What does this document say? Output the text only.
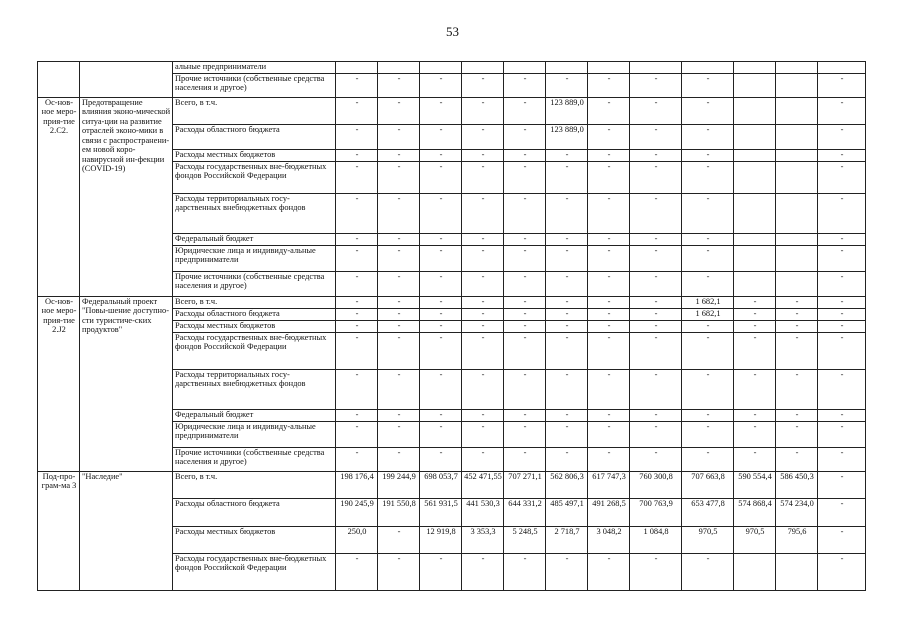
53
		альные предприниматели												
		Прочие источники (собственные средства населения и другое)	-	-	-	-	-	-	-	-	-			-
Ос-нов-ное меро-прия-тие 2.С2.	Предотвращение влияния эконо-мической ситуа-ции на развитие отраслей эконо-мики в связи с распространени-ем новой коро-навирусной ин-фекции (COVID-19)	Всего, в т.ч.	-	-	-	-	-	123 889,0	-	-	-			-
		Расходы областного бюджета	-	-	-	-	-	123 889,0	-	-	-			-
		Расходы местных бюджетов	-	-	-	-	-	-	-	-	-			-
		Расходы государственных вне-бюджетных фондов Российской Федерации	-	-	-	-	-	-	-	-	-			-
		Расходы территориальных госу-дарственных внебюджетных фондов	-	-	-	-	-	-	-	-	-			-
		Федеральный бюджет	-	-	-	-	-	-	-	-	-			-
		Юридические лица и индивиду-альные предприниматели	-	-	-	-	-	-	-	-	-			-
		Прочие источники (собственные средства населения и другое)	-	-	-	-	-	-	-	-	-			-
Ос-нов-ное меро-прия-тие 2.J2	Федеральный проект "Повы-шение доступно-сти туристиче-ских продуктов"	Всего, в т.ч.	-	-	-	-	-	-	-	-	1 682,1	-	-	-
		Расходы областного бюджета	-	-	-	-	-	-	-	-	1 682,1	-	-	-
		Расходы местных бюджетов	-	-	-	-	-	-	-	-	-	-	-	-
		Расходы государственных вне-бюджетных фондов Российской Федерации	-	-	-	-	-	-	-	-	-	-	-	-
		Расходы территориальных госу-дарственных внебюджетных фондов	-	-	-	-	-	-	-	-	-	-	-	-
		Федеральный бюджет	-	-	-	-	-	-	-	-	-	-	-	-
		Юридические лица и индивиду-альные предприниматели	-	-	-	-	-	-	-	-	-	-	-	-
		Прочие источники (собственные средства населения и другое)	-	-	-	-	-	-	-	-	-	-	-	-
Под-про-грам-ма 3	"Наследие"	Всего, в т.ч.	198 176,4	199 244,9	698 053,7	452 471,55	707 271,1	562 806,3	617 747,3	760 300,8	707 663,8	590 554,4	586 450,3	-
		Расходы областного бюджета	190 245,9	191 550,8	561 931,5	441 530,3	644 331,2	485 497,1	491 268,5	700 763,9	653 477,8	574 868,4	574 234,0	-
		Расходы местных бюджетов	250,0	-	12 919,8	3 353,3	5 248,5	2 718,7	3 048,2	1 084,8	970,5	970,5	795,6	-
		Расходы государственных вне-бюджетных фондов Российской Федерации	-	-	-	-	-	-	-	-	-			-
